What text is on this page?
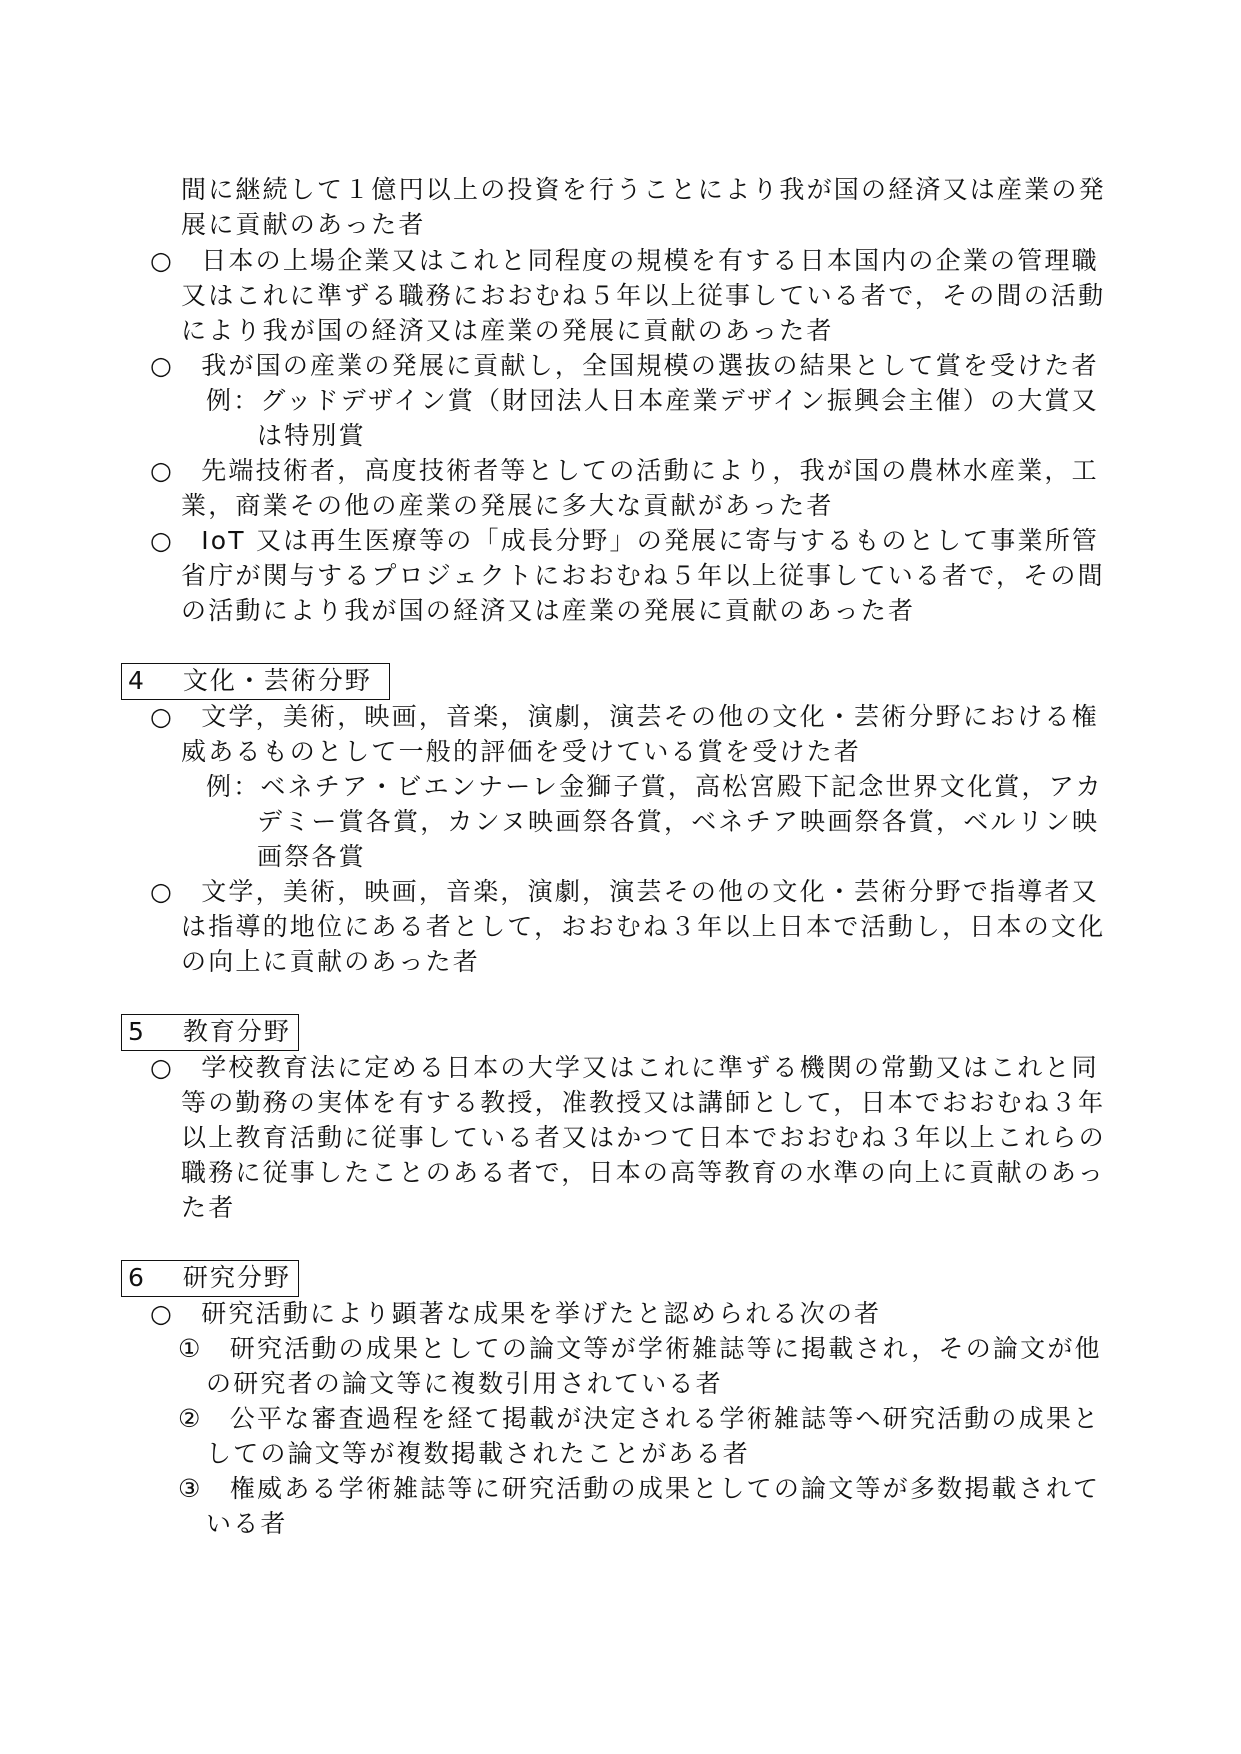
間に継続して１億円以上の投資を行うことにより我が国の経済又は産業の発
展に貢献のあった者
○　日本の上場企業又はこれと同程度の規模を有する日本国内の企業の管理職
又はこれに準ずる職務におおむね５年以上従事している者で，その間の活動
により我が国の経済又は産業の発展に貢献のあった者
○　我が国の産業の発展に貢献し，全国規模の選抜の結果として賞を受けた者
例：グッドデザイン賞（財団法人日本産業デザイン振興会主催）の大賞又
は特別賞
○　先端技術者，高度技術者等としての活動により，我が国の農林水産業，工
業，商業その他の産業の発展に多大な貢献があった者
○　IoT 又は再生医療等の「成長分野」の発展に寄与するものとして事業所管
省庁が関与するプロジェクトにおおむね５年以上従事している者で，その間
の活動により我が国の経済又は産業の発展に貢献のあった者
4　 文化・芸術分野
○　文学，美術，映画，音楽，演劇，演芸その他の文化・芸術分野における権
威あるものとして一般的評価を受けている賞を受けた者
例：ベネチア・ビエンナーレ金獅子賞，高松宮殿下記念世界文化賞，アカ
デミー賞各賞，カンヌ映画祭各賞，ベネチア映画祭各賞，ベルリン映
画祭各賞
○　文学，美術，映画，音楽，演劇，演芸その他の文化・芸術分野で指導者又
は指導的地位にある者として，おおむね３年以上日本で活動し，日本の文化
の向上に貢献のあった者
5　 教育分野
○　学校教育法に定める日本の大学又はこれに準ずる機関の常勤又はこれと同
等の勤務の実体を有する教授，准教授又は講師として，日本でおおむね３年
以上教育活動に従事している者又はかつて日本でおおむね３年以上これらの
職務に従事したことのある者で，日本の高等教育の水準の向上に貢献のあっ
た者
6　 研究分野
○　研究活動により顕著な成果を挙げたと認められる次の者
①　研究活動の成果としての論文等が学術雑誌等に掲載され，その論文が他
の研究者の論文等に複数引用されている者
②　公平な審査過程を経て掲載が決定される学術雑誌等へ研究活動の成果と
しての論文等が複数掲載されたことがある者
③　権威ある学術雑誌等に研究活動の成果としての論文等が多数掲載されて
いる者
